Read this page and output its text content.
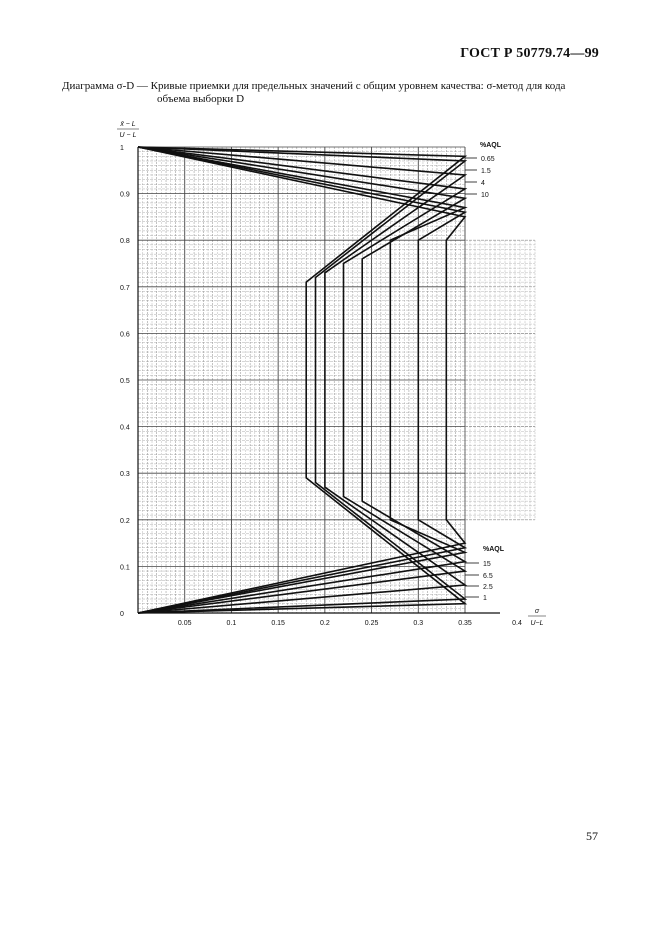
ГОСТ Р 50779.74—99
Диаграмма σ-D — Кривые приемки для предельных значений с общим уровнем качества: σ-метод для кода
объема выборки D
0
0.1
0.2
0.3
0.4
0.5
0.6
0.7
0.8
0.9
1
0.05	0.1	0.15	0.2	0.25	0.3	0.35	0.4
x̄ − L
U − L
σ
U−L
%AQL
0.65
1.5
4
10
%AQL
15
6.5
2.5
1
57
